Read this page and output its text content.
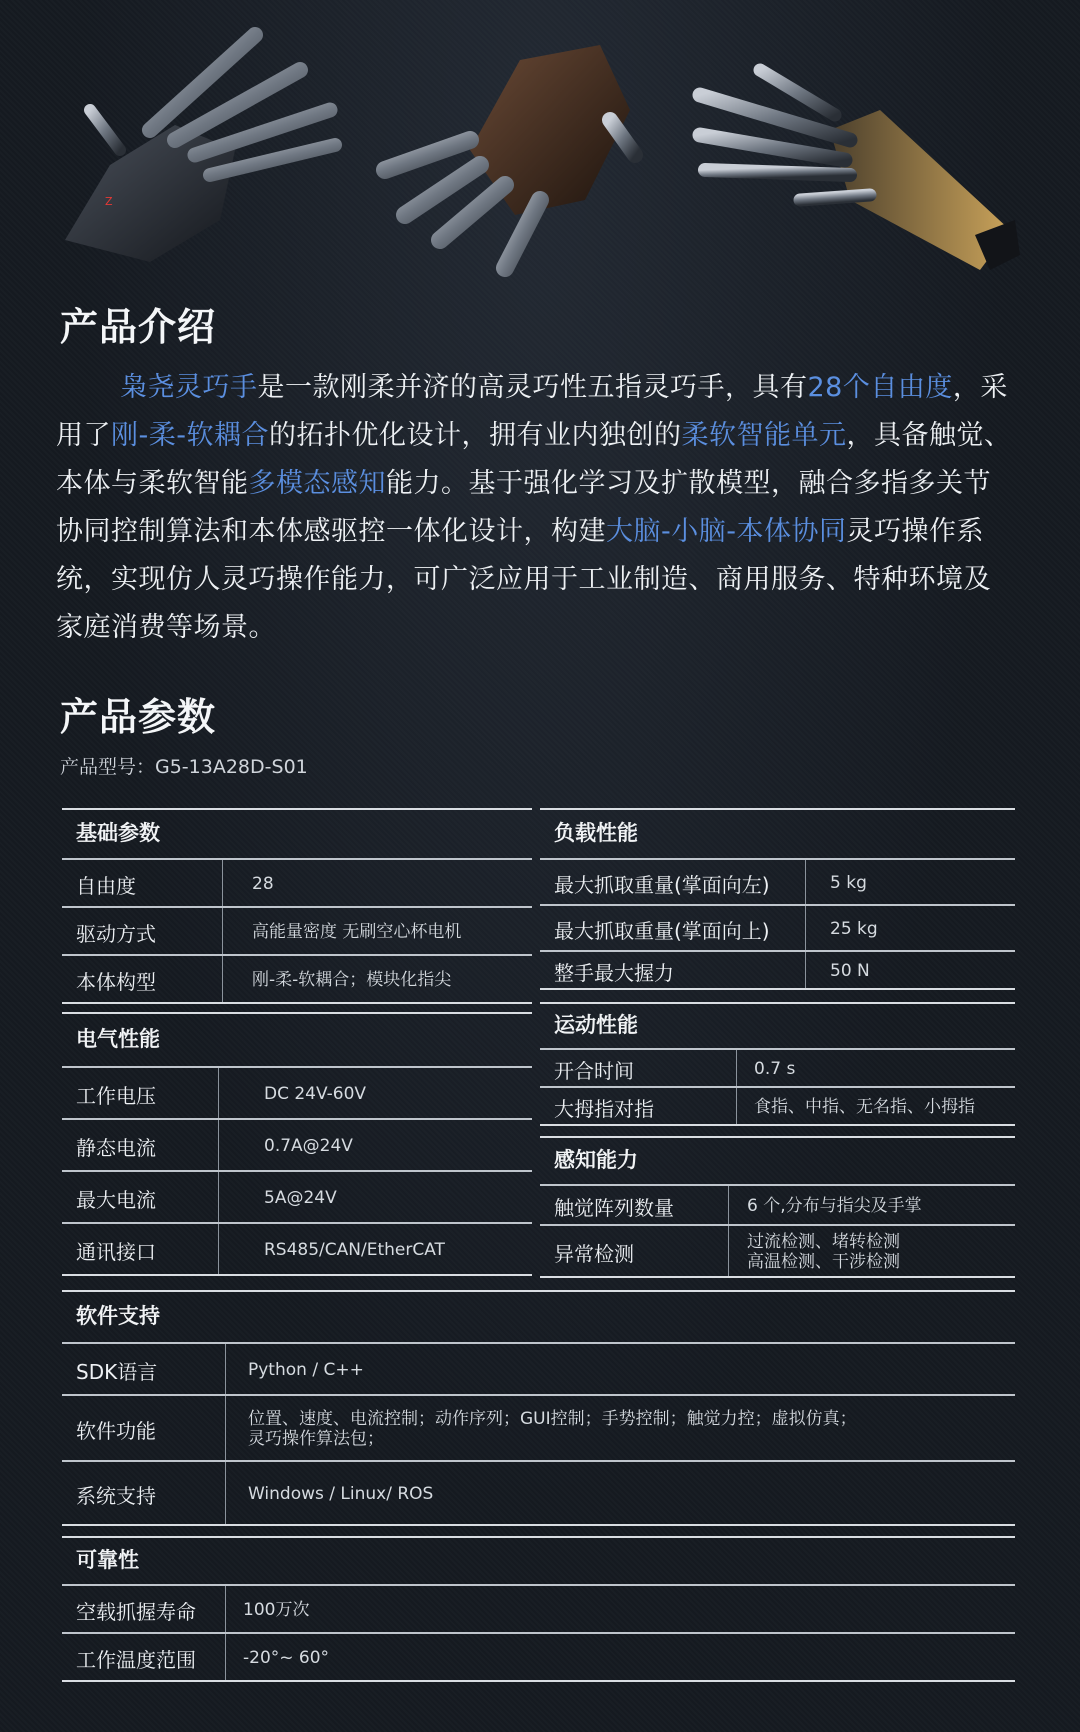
Z
产品介绍
枭尧灵巧手是一款刚柔并济的高灵巧性五指灵巧手，具有28个自由度，采用了刚-柔-软耦合的拓扑优化设计，拥有业内独创的柔软智能单元，具备触觉、本体与柔软智能多模态感知能力。基于强化学习及扩散模型，融合多指多关节协同控制算法和本体感驱控一体化设计，构建大脑-小脑-本体协同灵巧操作系统，实现仿人灵巧操作能力，可广泛应用于工业制造、商用服务、特种环境及家庭消费等场景。
产品参数
产品型号：G5-13A28D-S01
基础参数
自由度	28
驱动方式	高能量密度 无刷空心杯电机
本体构型	刚-柔-软耦合；模块化指尖
负载性能
最大抓取重量(掌面向左)	5 kg
最大抓取重量(掌面向上)	25 kg
整手最大握力	50 N
电气性能
工作电压	DC 24V-60V
静态电流	0.7A@24V
最大电流	5A@24V
通讯接口	RS485/CAN/EtherCAT
运动性能
开合时间	0.7 s
大拇指对指	食指、中指、无名指、小拇指
感知能力
触觉阵列数量	6 个,分布与指尖及手掌
异常检测	过流检测、堵转检测
高温检测、干涉检测
软件支持
SDK语言	Python / C++
软件功能	位置、速度、电流控制；动作序列；GUI控制；手势控制；触觉力控；虚拟仿真；
灵巧操作算法包；
系统支持	Windows / Linux/ ROS
可靠性
空载抓握寿命	100万次
工作温度范围	-20°~ 60°
